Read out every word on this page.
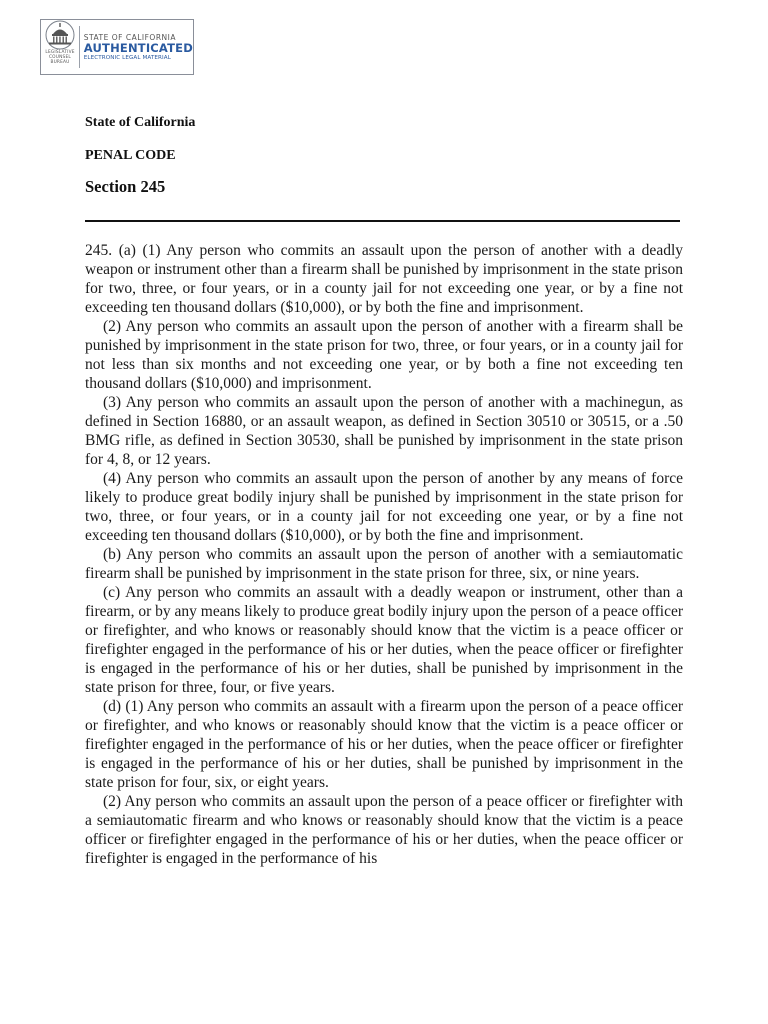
LEGISLATIVE
COUNSEL
BUREAU
STATE OF CALIFORNIA
AUTHENTICATED
ELECTRONIC LEGAL MATERIAL
State of California
PENAL CODE
Section 245

245. (a) (1) Any person who commits an assault upon the person of another with a deadly weapon or instrument other than a firearm shall be punished by imprisonment in the state prison for two, three, or four years, or in a county jail for not exceeding one year, or by a fine not exceeding ten thousand dollars ($10,000), or by both the fine and imprisonment.

(2) Any person who commits an assault upon the person of another with a firearm shall be punished by imprisonment in the state prison for two, three, or four years, or in a county jail for not less than six months and not exceeding one year, or by both a fine not exceeding ten thousand dollars ($10,000) and imprisonment.

(3) Any person who commits an assault upon the person of another with a machinegun, as defined in Section 16880, or an assault weapon, as defined in Section 30510 or 30515, or a .50 BMG rifle, as defined in Section 30530, shall be punished by imprisonment in the state prison for 4, 8, or 12 years.

(4) Any person who commits an assault upon the person of another by any means of force likely to produce great bodily injury shall be punished by imprisonment in the state prison for two, three, or four years, or in a county jail for not exceeding one year, or by a fine not exceeding ten thousand dollars ($10,000), or by both the fine and imprisonment.

(b) Any person who commits an assault upon the person of another with a semiautomatic firearm shall be punished by imprisonment in the state prison for three, six, or nine years.

(c) Any person who commits an assault with a deadly weapon or instrument, other than a firearm, or by any means likely to produce great bodily injury upon the person of a peace officer or firefighter, and who knows or reasonably should know that the victim is a peace officer or firefighter engaged in the performance of his or her duties, when the peace officer or firefighter is engaged in the performance of his or her duties, shall be punished by imprisonment in the state prison for three, four, or five years.

(d) (1) Any person who commits an assault with a firearm upon the person of a peace officer or firefighter, and who knows or reasonably should know that the victim is a peace officer or firefighter engaged in the performance of his or her duties, when the peace officer or firefighter is engaged in the performance of his or her duties, shall be punished by imprisonment in the state prison for four, six, or eight years.

(2) Any person who commits an assault upon the person of a peace officer or firefighter with a semiautomatic firearm and who knows or reasonably should know that the victim is a peace officer or firefighter engaged in the performance of his or her duties, when the peace officer or firefighter is engaged in the performance of his
